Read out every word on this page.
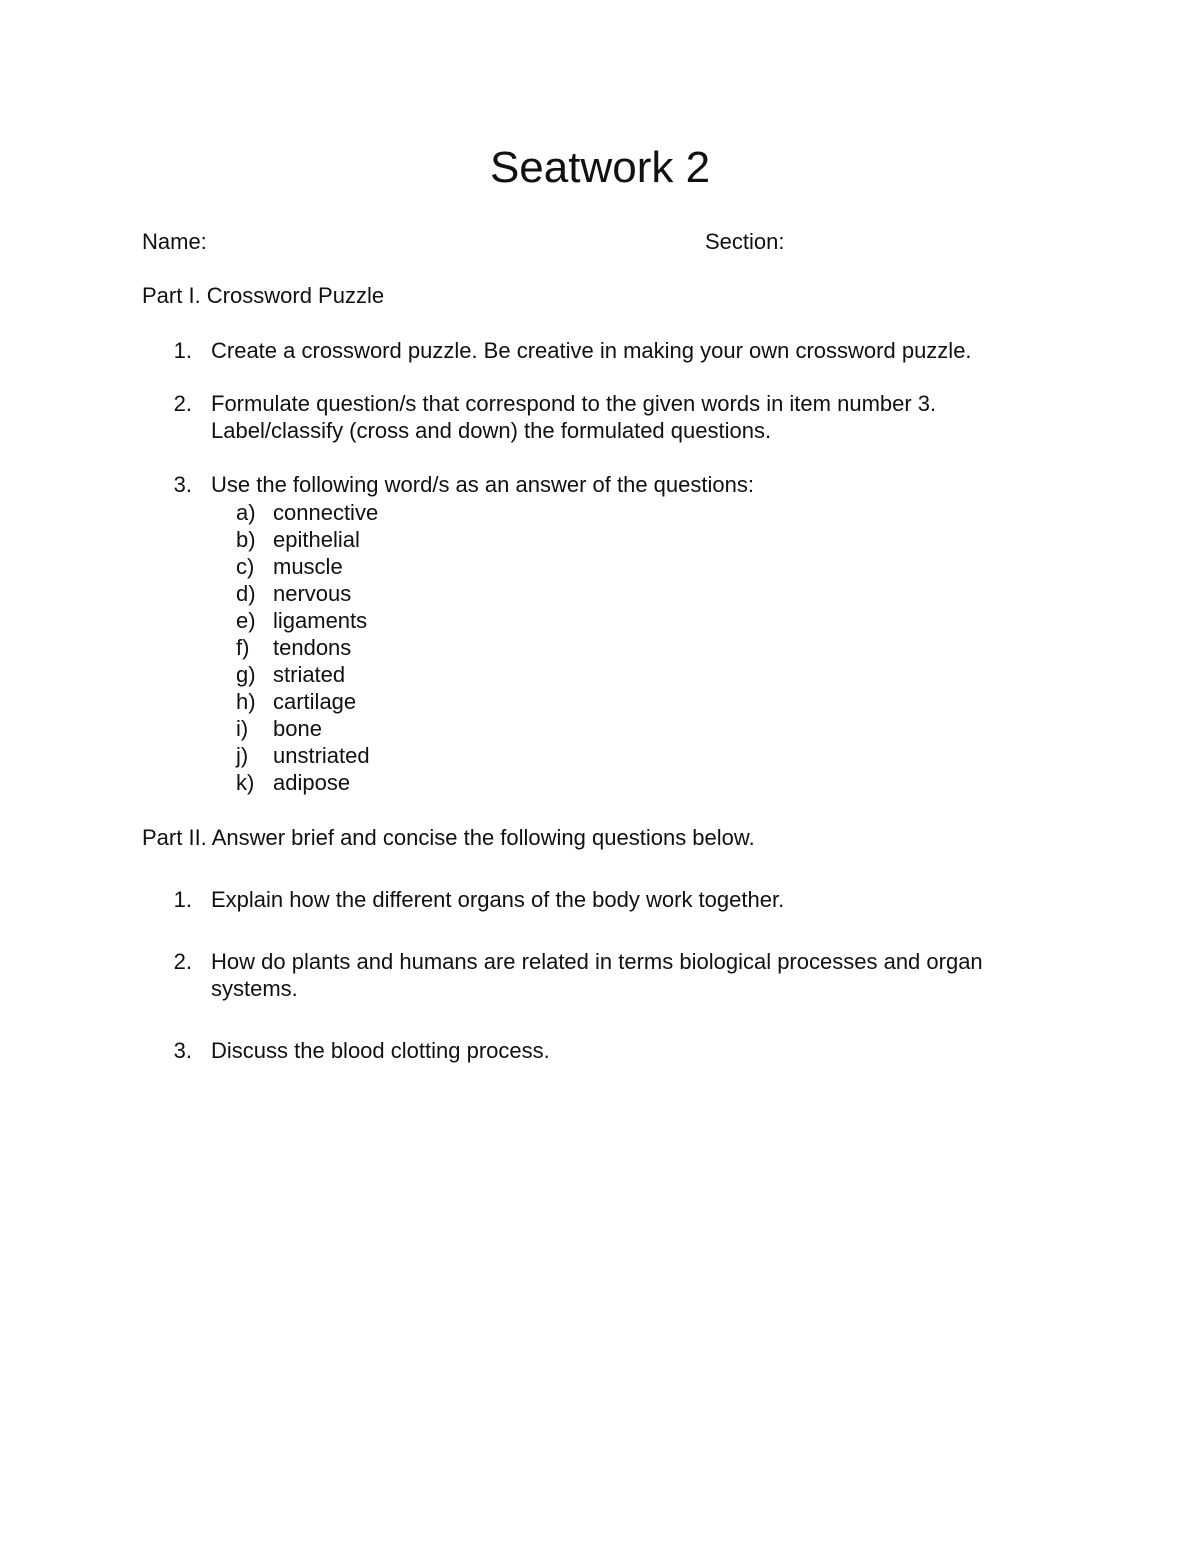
Seatwork 2
Name:	Section:
Part I. Crossword Puzzle
1. Create a crossword puzzle. Be creative in making your own crossword puzzle.
2. Formulate question/s that correspond to the given words in item number 3.
Label/classify (cross and down) the formulated questions.
3. Use the following word/s as an answer of the questions:
a) connective
b) epithelial
c) muscle
d) nervous
e) ligaments
f) tendons
g) striated
h) cartilage
i) bone
j) unstriated
k) adipose
Part II. Answer brief and concise the following questions below.
1. Explain how the different organs of the body work together.
2. How do plants and humans are related in terms biological processes and organ
systems.
3. Discuss the blood clotting process.
